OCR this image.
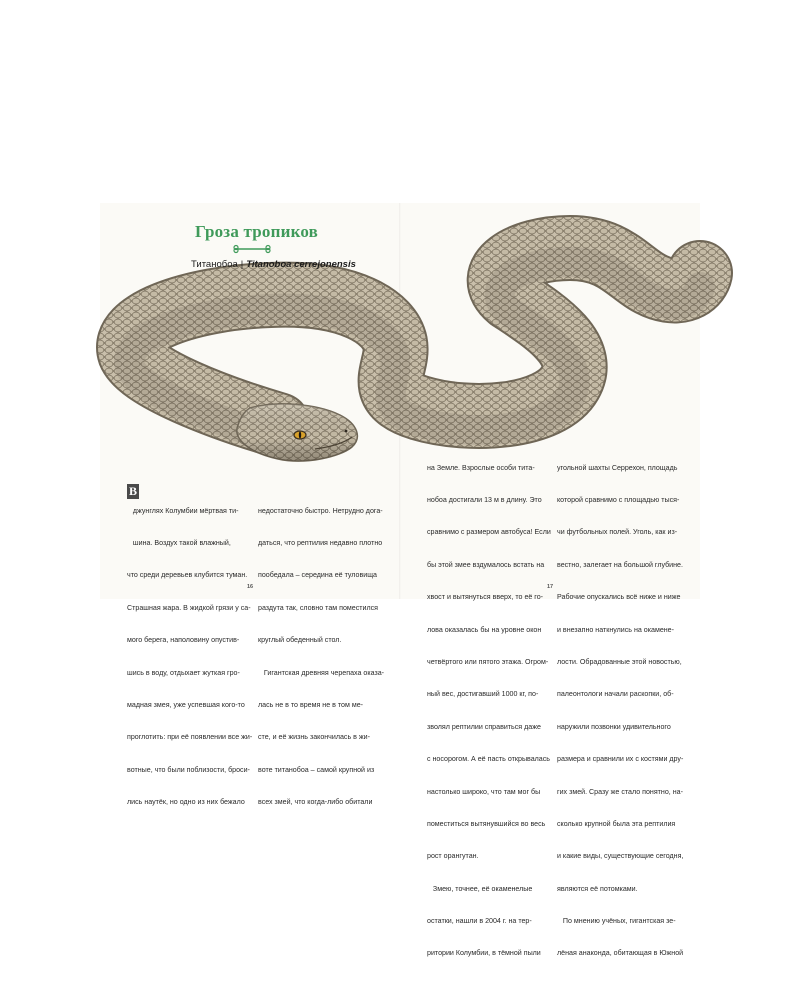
Гроза тропиков
Титанобоа | Titanoboa cerrejonensis
В

джунглях Колумбии мёртвая ти-

шина. Воздух такой влажный,

что среди деревьев клубится туман.

Страшная жара. В жидкой грязи у са-

мого берега, наполовину опустив-

шись в воду, отдыхает жуткая гро-

мадная змея, уже успевшая кого-то

проглотить: при её появлении все жи-

вотные, что были поблизости, броси-

лись наутёк, но одно из них бежало

недостаточно быстро. Нетрудно дога-

даться, что рептилия недавно плотно

пообедала – середина её туловища

раздута так, словно там поместился

круглый обеденный стол.

Гигантская древняя черепаха оказа-

лась не в то время не в том ме-

сте, и её жизнь закончилась в жи-

воте титанобоа – самой крупной из

всех змей, что когда-либо обитали

на Земле. Взрослые особи тита-

нобоа достигали 13 м в длину. Это

сравнимо с размером автобуса! Если

бы этой змее вздумалось встать на

хвост и вытянуться вверх, то её го-

лова оказалась бы на уровне окон

четвёртого или пятого этажа. Огром-

ный вес, достигавший 1000 кг, по-

зволял рептилии справиться даже

с носорогом. А её пасть открывалась

настолько широко, что там мог бы

поместиться вытянувшийся во весь

рост орангутан.

Змею, точнее, её окаменелые

остатки, нашли в 2004 г. на тер-

ритории Колумбии, в тёмной пыли

угольной шахты Серрехон, площадь

которой сравнимо с площадью тыся-

чи футбольных полей. Уголь, как из-

вестно, залегает на большой глубине.

Рабочие опускались всё ниже и ниже

и внезапно наткнулись на окамене-

лости. Обрадованные этой новостью,

палеонтологи начали раскопки, об-

наружили позвонки удивительного

размера и сравнили их с костями дру-

гих змей. Сразу же стало понятно, на-

сколько крупной была эта рептилия

и какие виды, существующие сегодня,

являются её потомками.

По мнению учёных, гигантская зе-

лёная анаконда, обитающая в Южной

16	17
